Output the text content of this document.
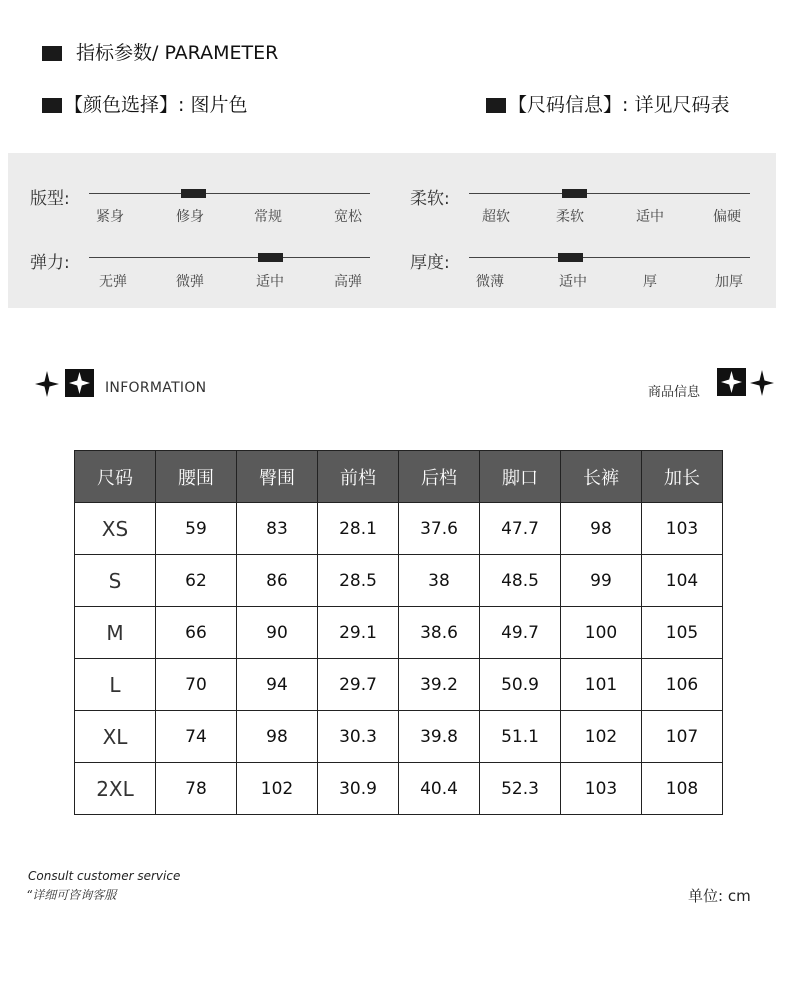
指标参数/ PARAMETER
【颜色选择】: 图片色	【尺码信息】: 详见尺码表
版型:
紧身	修身	常规	宽松
柔软:
超软	柔软	适中	偏硬
弹力:
无弹	微弹	适中	高弹
厚度:
微薄	适中	厚	加厚
INFORMATION	商品信息
尺码	腰围	臀围	前档	后档	脚口	长裤	加长
XS	59	83	28.1	37.6	47.7	98	103
S	62	86	28.5	38	48.5	99	104
M	66	90	29.1	38.6	49.7	100	105
L	70	94	29.7	39.2	50.9	101	106
XL	74	98	30.3	39.8	51.1	102	107
2XL	78	102	30.9	40.4	52.3	103	108
Consult customer service
“详细可咨询客服	单位: cm
